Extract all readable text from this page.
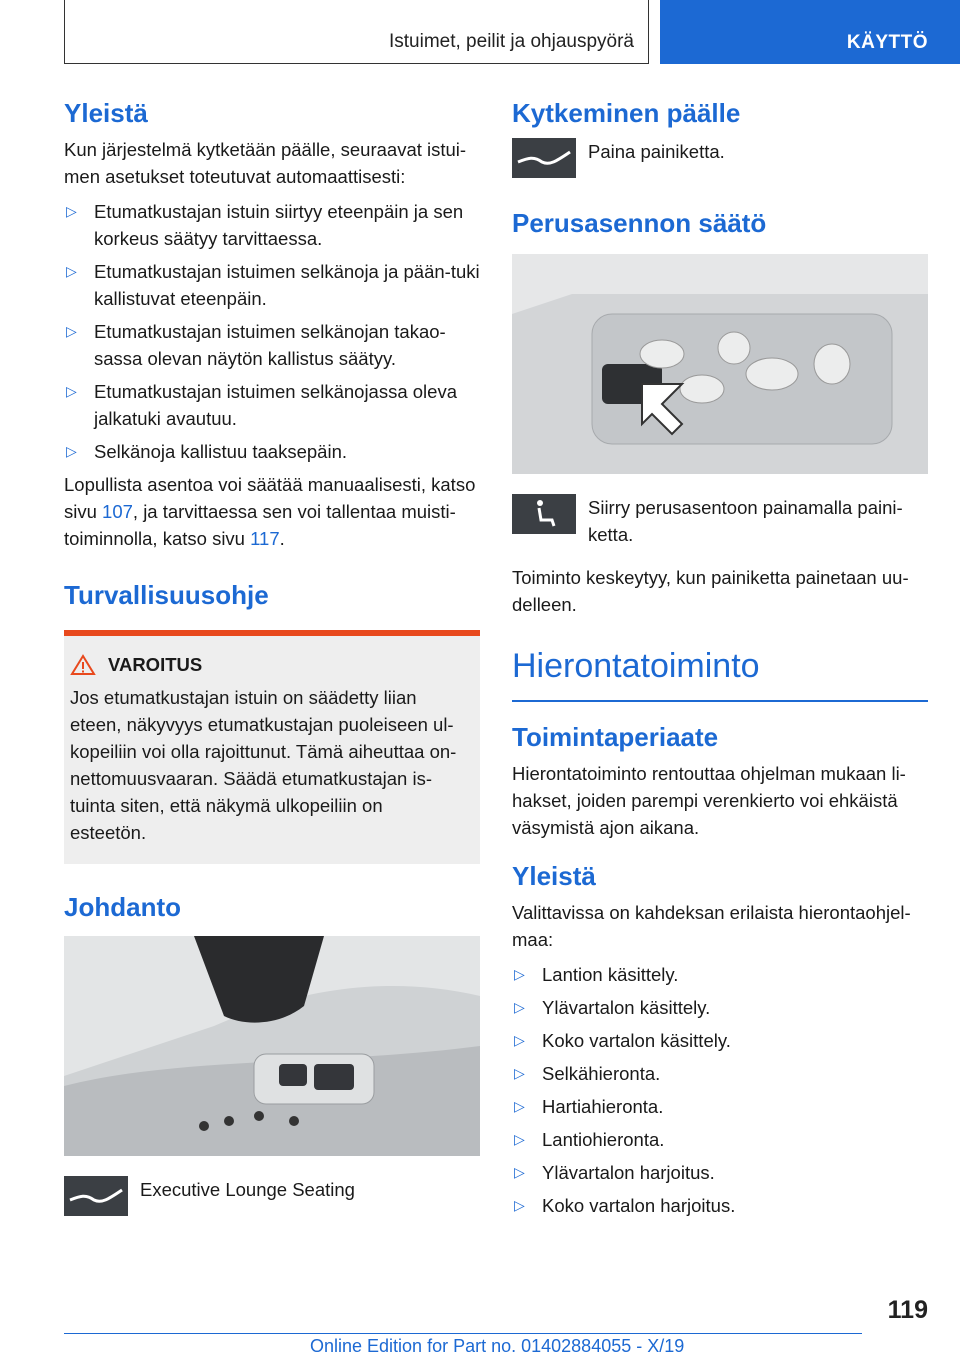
Istuimet, peilit ja ohjauspyörä	KÄYTTÖ
Yleistä

Kun järjestelmä kytketään päälle, seuraavat istui-men asetukset toteutuvat automaattisesti:

▷ Etumatkustajan istuin siirtyy eteenpäin ja sen korkeus säätyy tarvittaessa.
▷ Etumatkustajan istuimen selkänoja ja pään-tuki kallistuvat eteenpäin.
▷ Etumatkustajan istuimen selkänojan takao-sassa olevan näytön kallistus säätyy.
▷ Etumatkustajan istuimen selkänojassa oleva jalkatuki avautuu.
▷ Selkänoja kallistuu taaksepäin.

Lopullista asentoa voi säätää manuaalisesti, katso sivu 107, ja tarvittaessa sen voi tallentaa muisti-toiminnolla, katso sivu 117.

Turvallisuusohje
VAROITUS

Jos etumatkustajan istuin on säädetty liian eteen, näkyvyys etumatkustajan puoleiseen ul-kopeiliin voi olla rajoittunut. Tämä aiheuttaa on-nettomuusvaaran. Säädä etumatkustajan is-tuinta siten, että näkymä ulkopeiliin on esteetön.

Johdanto

Executive Lounge Seating

Kytkeminen päälle

Paina painiketta.

Perusasennon säätö

Siirry perusasentoon painamalla paini-ketta.

Toiminto keskeytyy, kun painiketta painetaan uu-delleen.

Hierontatoiminto
Toimintaperiaate

Hierontatoiminto rentouttaa ohjelman mukaan li-hakset, joiden parempi verenkierto voi ehkäistä väsymistä ajon aikana.

Yleistä

Valittavissa on kahdeksan erilaista hierontaohjel-maa:

▷ Lantion käsittely.
▷ Ylävartalon käsittely.
▷ Koko vartalon käsittely.
▷ Selkähieronta.
▷ Hartiahieronta.
▷ Lantiohieronta.
▷ Ylävartalon harjoitus.
▷ Koko vartalon harjoitus.
119
Online Edition for Part no. 01402884055 - X/19
